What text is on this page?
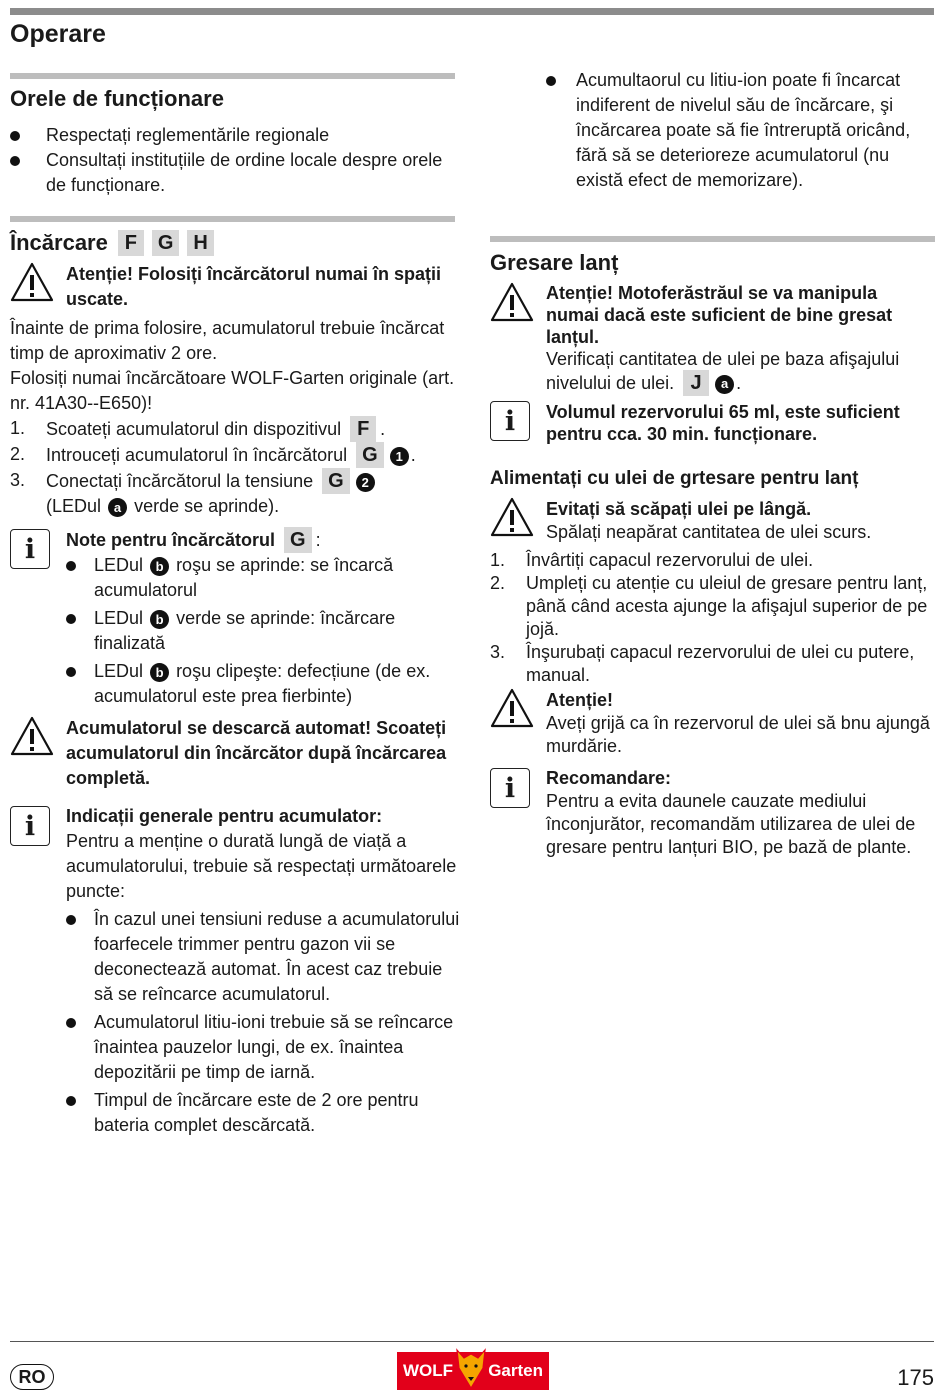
Operare
Orele de funcționare
Respectați reglementările regionale
Consultați instituțiile de ordine locale despre orele de funcționare.
Încărcare F	G	H

Atenție! Folosiți încărcătorul numai în spații uscate.

Înainte de prima folosire, acumulatorul trebuie încărcat timp de aproximativ 2 ore.

Folosiți numai încărcătoare WOLF-Garten originale (art. nr. 41A30--E650)!

1.	Scoateți acumulatorul din dispozitivul F .
2.	Introuceți acumulatorul în încărcătorul G 1 .
3.	Conectați încărcătorul la tensiune G 2
(LEDul a verde se aprinde).
i	Note pentru încărcătorul G :

LEDul b roşu se aprinde: se încarcă acumulatorul
LEDul b verde se aprinde: încărcare finalizată
LEDul b roşu clipeşte: defecțiune (de ex. acumulatorul este prea fierbinte)

Acumulatorul se descarcă automat! Scoateți acumulatorul din încărcător după încărcarea completă.

i	Indicații generale pentru acumulator:

Pentru a menține o durată lungă de viață a acumulatorului, trebuie să respectați următoarele puncte:

În cazul unei tensiuni reduse a acumulatorului foarfecele trimmer pentru gazon vii se deconectează automat. În acest caz trebuie să se reîncarce acumulatorul.
Acumulatorul litiu-ioni trebuie să se reîncarce înaintea pauzelor lungi, de ex. înaintea depozitării pe timp de iarnă.
Timpul de încărcare este de 2 ore pentru bateria complet descărcată.
Acumultaorul cu litiu-ion poate fi încarcat indiferent de nivelul său de încărcare, şi încărcarea poate să fie întreruptă oricând, fără să se deterioreze acumulatorul (nu există efect de memorizare).
Gresare lanț

Atenție! Motoferăstrăul se va manipula numai dacă este suficient de bine gresat lanțul.

Verificați cantitatea de ulei pe baza afişajului nivelului de ulei. J a .

i	Volumul rezervorului 65 ml, este suficient pentru cca. 30 min. funcționare.

Alimentați cu ulei de grtesare pentru lanț

Evitați să scăpați ulei pe lângă.

Spălați neapărat cantitatea de ulei scurs.

1.	Învârtiți capacul rezervorului de ulei.
2.	Umpleți cu atenție cu uleiul de gresare pentru lanț, până când acesta ajunge la afişajul superior de pe jojă.
3.	Înşurubați capacul rezervorului de ulei cu putere, manual.

Atenție!

Aveți grijă ca în rezervorul de ulei să bnu ajungă murdărie.

i	Recomandare:

Pentru a evita daunele cauzate mediului înconjurător, recomandăm utilizarea de ulei de gresare pentru lanțuri BIO, pe bază de plante.

RO	WOLF Garten	175
